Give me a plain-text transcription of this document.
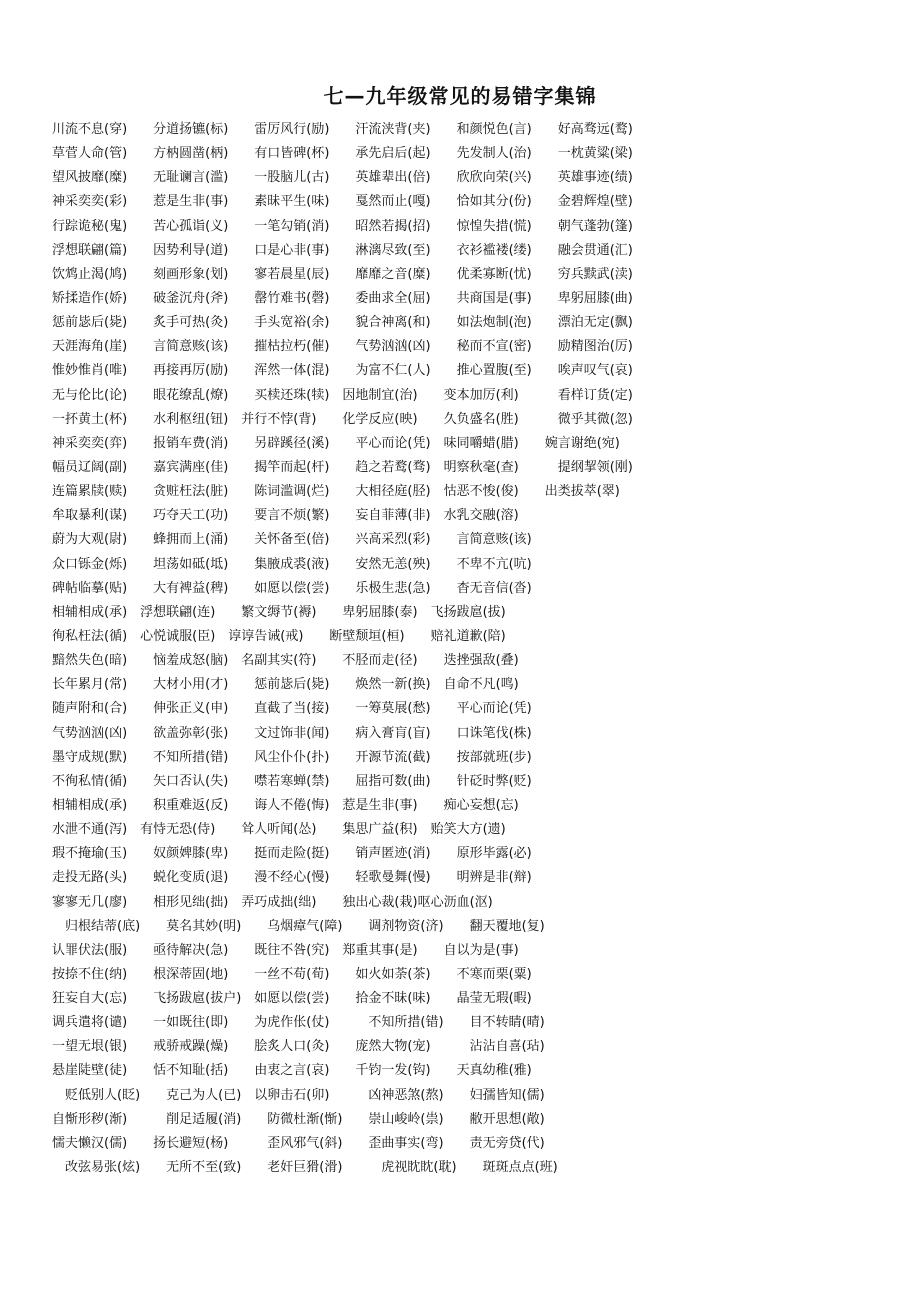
七—九年级常见的易错字集锦
川流不息(穿)　　分道扬镳(标)　　雷厉风行(励)　　汗流浃背(夹)　　和颜悦色(言)　　好高骛远(鹜)
草菅人命(管)　　方枘圆凿(柄)　　有口皆碑(杯)　　承先启后(起)　　先发制人(治)　　一枕黄粱(梁)
望风披靡(糜)　　无耻谰言(滥)　　一股脑儿(古)　　英雄辈出(倍)　　欣欣向荣(兴)　　英雄事迹(绩)
神采奕奕(彩)　　惹是生非(事)　　素昧平生(味)　　戛然而止(嘎)　　恰如其分(份)　　金碧辉煌(壁)
行踪诡秘(鬼)　　苦心孤诣(义)　　一笔勾销(消)　　昭然若揭(招)　　惊惶失措(慌)　　朝气蓬勃(篷)
浮想联翩(篇)　　因势利导(道)　　口是心非(事)　　淋漓尽致(至)　　衣衫褴褛(缕)　　融会贯通(汇)
饮鸩止渴(鸠)　　刻画形象(划)　　寥若晨星(辰)　　靡靡之音(糜)　　优柔寡断(忧)　　穷兵黩武(渎)
矫揉造作(娇)　　破釜沉舟(斧)　　罄竹难书(磬)　　委曲求全(屈)　　共商国是(事)　　卑躬屈膝(曲)
惩前毖后(毙)　　炙手可热(灸)　　手头宽裕(余)　　貌合神离(和)　　如法炮制(泡)　　漂泊无定(飘)
天涯海角(崖)　　言简意赅(该)　　摧枯拉朽(催)　　气势汹汹(凶)　　秘而不宣(密)　　励精图治(厉)
惟妙惟肖(唯)　　再接再厉(励)　　浑然一体(混)　　为富不仁(人)　　推心置腹(至)　　唉声叹气(哀)
无与伦比(论)　　眼花缭乱(燎)　　买椟还珠(犊)　因地制宜(治)　　变本加厉(利)　　　看样订货(定)
一抔黄土(杯)　　水利枢纽(钮)　并行不悖(背)　　化学反应(映)　　久负盛名(胜)　　　微乎其微(忽)
神采奕奕(弈)　　报销车费(消)　　另辟蹊径(溪)　　平心而论(凭)　味同嚼蜡(腊)　　婉言谢绝(宛)
幅员辽阔(副)　　嘉宾满座(佳)　　揭竿而起(杆)　　趋之若鹜(骛)　明察秋毫(查)　　　提纲挈领(刚)
连篇累牍(赎)　　贪赃枉法(脏)　　陈词滥调(烂)　　大相径庭(胫)　怙恶不悛(俊)　　出类拔萃(翠)
牟取暴利(谋)　　巧夺天工(功)　　要言不烦(繁)　　妄自菲薄(非)　水乳交融(溶)
蔚为大观(尉)　　蜂拥而上(涌)　　关怀备至(倍)　　兴高采烈(彩)　　言简意赅(该)
众口铄金(烁)　　坦荡如砥(坻)　　集腋成裘(液)　　安然无恙(殃)　　不卑不亢(吭)
碑帖临摹(贴)　　大有裨益(稗)　　如愿以偿(尝)　　乐极生悲(急)　　杳无音信(沓)
相辅相成(承)　浮想联翩(连)　　繁文缛节(褥)　　卑躬屈膝(泰)　飞扬跋扈(拔)
徇私枉法(循)　心悦诚服(臣)　谆谆告诫(戒)　　断壁颓垣(桓)　　赔礼道歉(陪)
黯然失色(暗)　　恼羞成怒(脑)　名副其实(符)　　不胫而走(径)　　迭挫强敌(叠)
长年累月(常)　　大材小用(才)　　惩前毖后(毙)　　焕然一新(换)　自命不凡(鸣)
随声附和(合)　　伸张正义(申)　　直截了当(接)　　一筹莫展(愁)　　平心而论(凭)
气势汹汹(凶)　　欲盖弥彰(张)　　文过饰非(闻)　　病入膏肓(盲)　　口诛笔伐(株)
墨守成规(默)　　不知所措(错)　　风尘仆仆(扑)　　开源节流(截)　　按部就班(步)
不徇私情(循)　　矢口否认(失)　　噤若寒蝉(禁)　　屈指可数(曲)　　针砭时弊(贬)
相辅相成(承)　　积重难返(反)　　诲人不倦(悔)　惹是生非(事)　　痴心妄想(忘)
水泄不通(泻)　有恃无恐(侍)　　耸人听闻(怂)　　集思广益(积)　贻笑大方(遗)
瑕不掩瑜(玉)　　奴颜婢膝(卑)　　挺而走险(挺)　　销声匿迹(消)　　原形毕露(必)
走投无路(头)　　蜕化变质(退)　　漫不经心(慢)　　轻歌曼舞(慢)　　明辨是非(辩)
寥寥无几(廖)　　相形见绌(拙)　弄巧成拙(绌)　　独出心裁(栽)呕心沥血(沤)
　归根结蒂(底)　　莫名其妙(明)　　乌烟瘴气(障)　　调剂物资(济)　　翻天覆地(复)
认罪伏法(服)　　亟待解决(急)　　既往不咎(究)　郑重其事(是)　　自以为是(事)
按捺不住(纳)　　根深蒂固(地)　　一丝不苟(荀)　　如火如荼(茶)　　不寒而栗(粟)
狂妄自大(忘)　　飞扬跋扈(拔户)　如愿以偿(尝)　　拾金不昧(味)　　晶莹无瑕(暇)
调兵遣将(谴)　　一如既往(即)　　为虎作伥(仗)　　　不知所措(错)　　目不转睛(晴)
一望无垠(银)　　戒骄戒躁(燥)　　脍炙人口(灸)　　庞然大物(宠)　　　沾沾自喜(玷)
悬崖陡壁(徒)　　恬不知耻(括)　　由衷之言(哀)　　千钧一发(钩)　　天真幼稚(雅)
　贬低别人(眨)　　克己为人(已)　以卵击石(卯)　　　凶神恶煞(熬)　　妇孺皆知(儒)
自惭形秽(渐)　　　削足适履(消)　　防微杜渐(惭)　　崇山峻岭(祟)　　敝开思想(敞)
懦夫懒汉(儒)　　扬长避短(杨)　　　歪风邪气(斜)　　歪曲事实(弯)　　责无旁贷(代)
　改弦易张(炫)　　无所不至(致)　　老奸巨猾(滑)　　　虎视眈眈(耽)　　斑斑点点(班)
